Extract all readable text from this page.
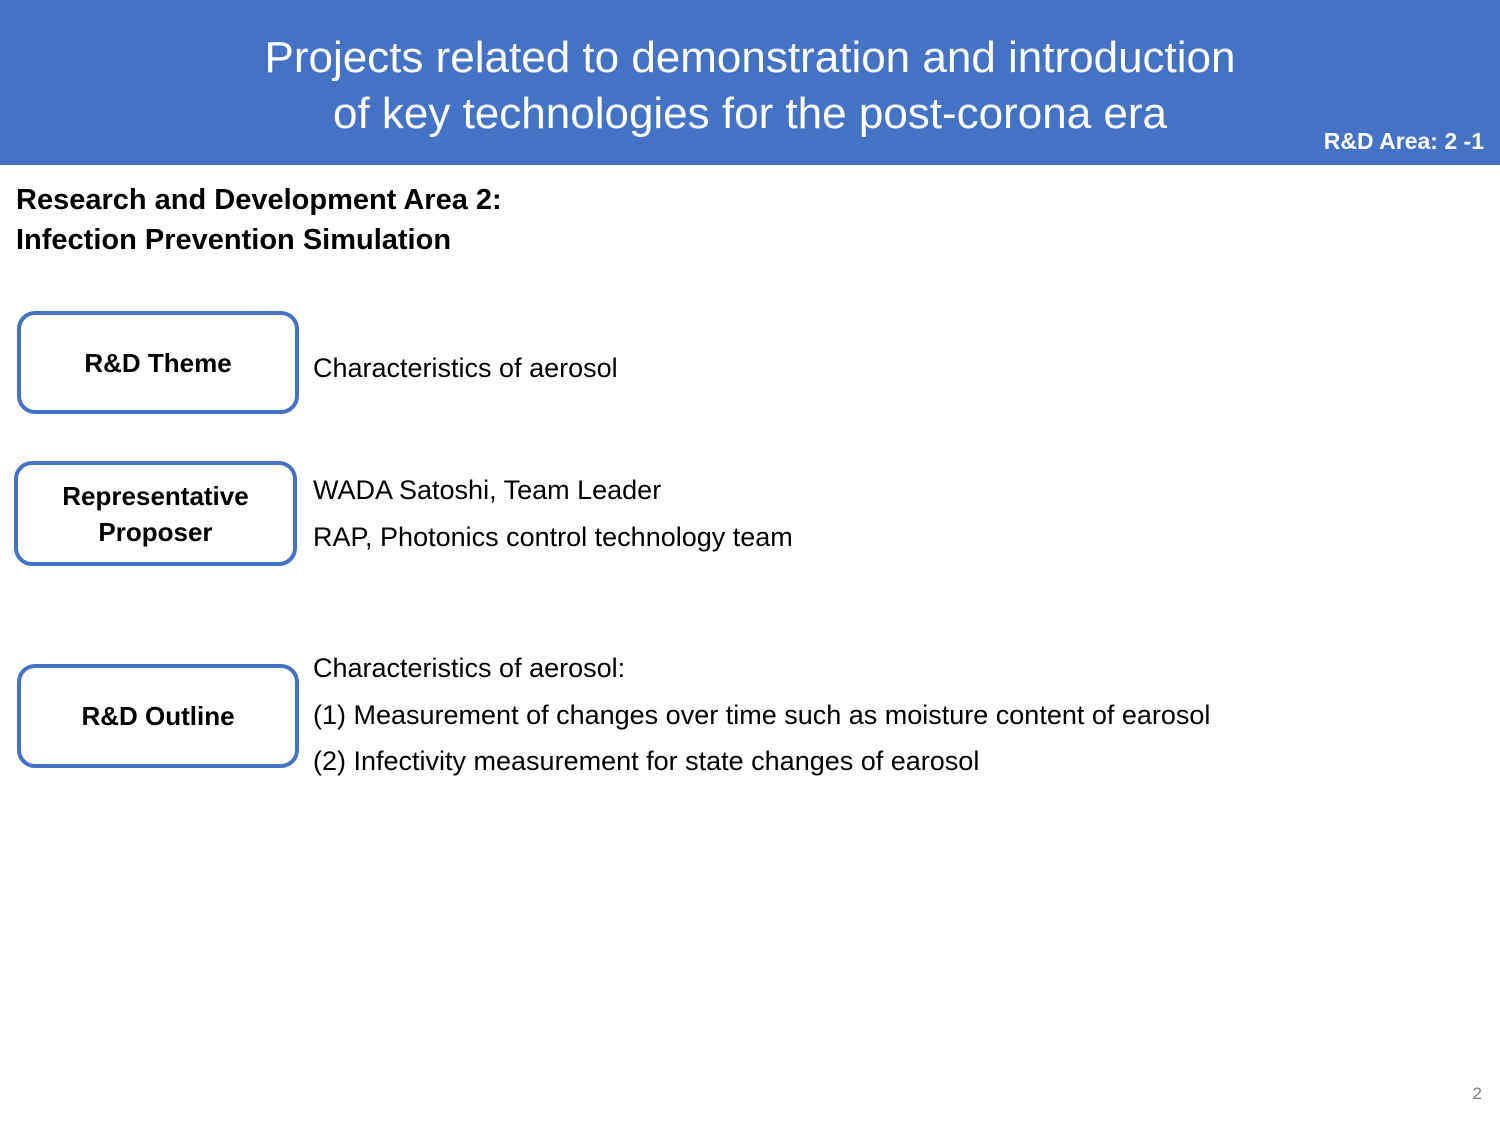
Projects related to demonstration and introduction
of key technologies for the post-corona era
R&D Area: 2 -1
Research and Development Area 2:
Infection Prevention Simulation
R&D Theme	Characteristics of aerosol
Representative
Proposer
WADA Satoshi, Team Leader
RAP, Photonics control technology team
R&D Outline
Characteristics of aerosol:
(1) Measurement of changes over time such as moisture content of earosol
(2) Infectivity measurement for state changes of earosol
2
